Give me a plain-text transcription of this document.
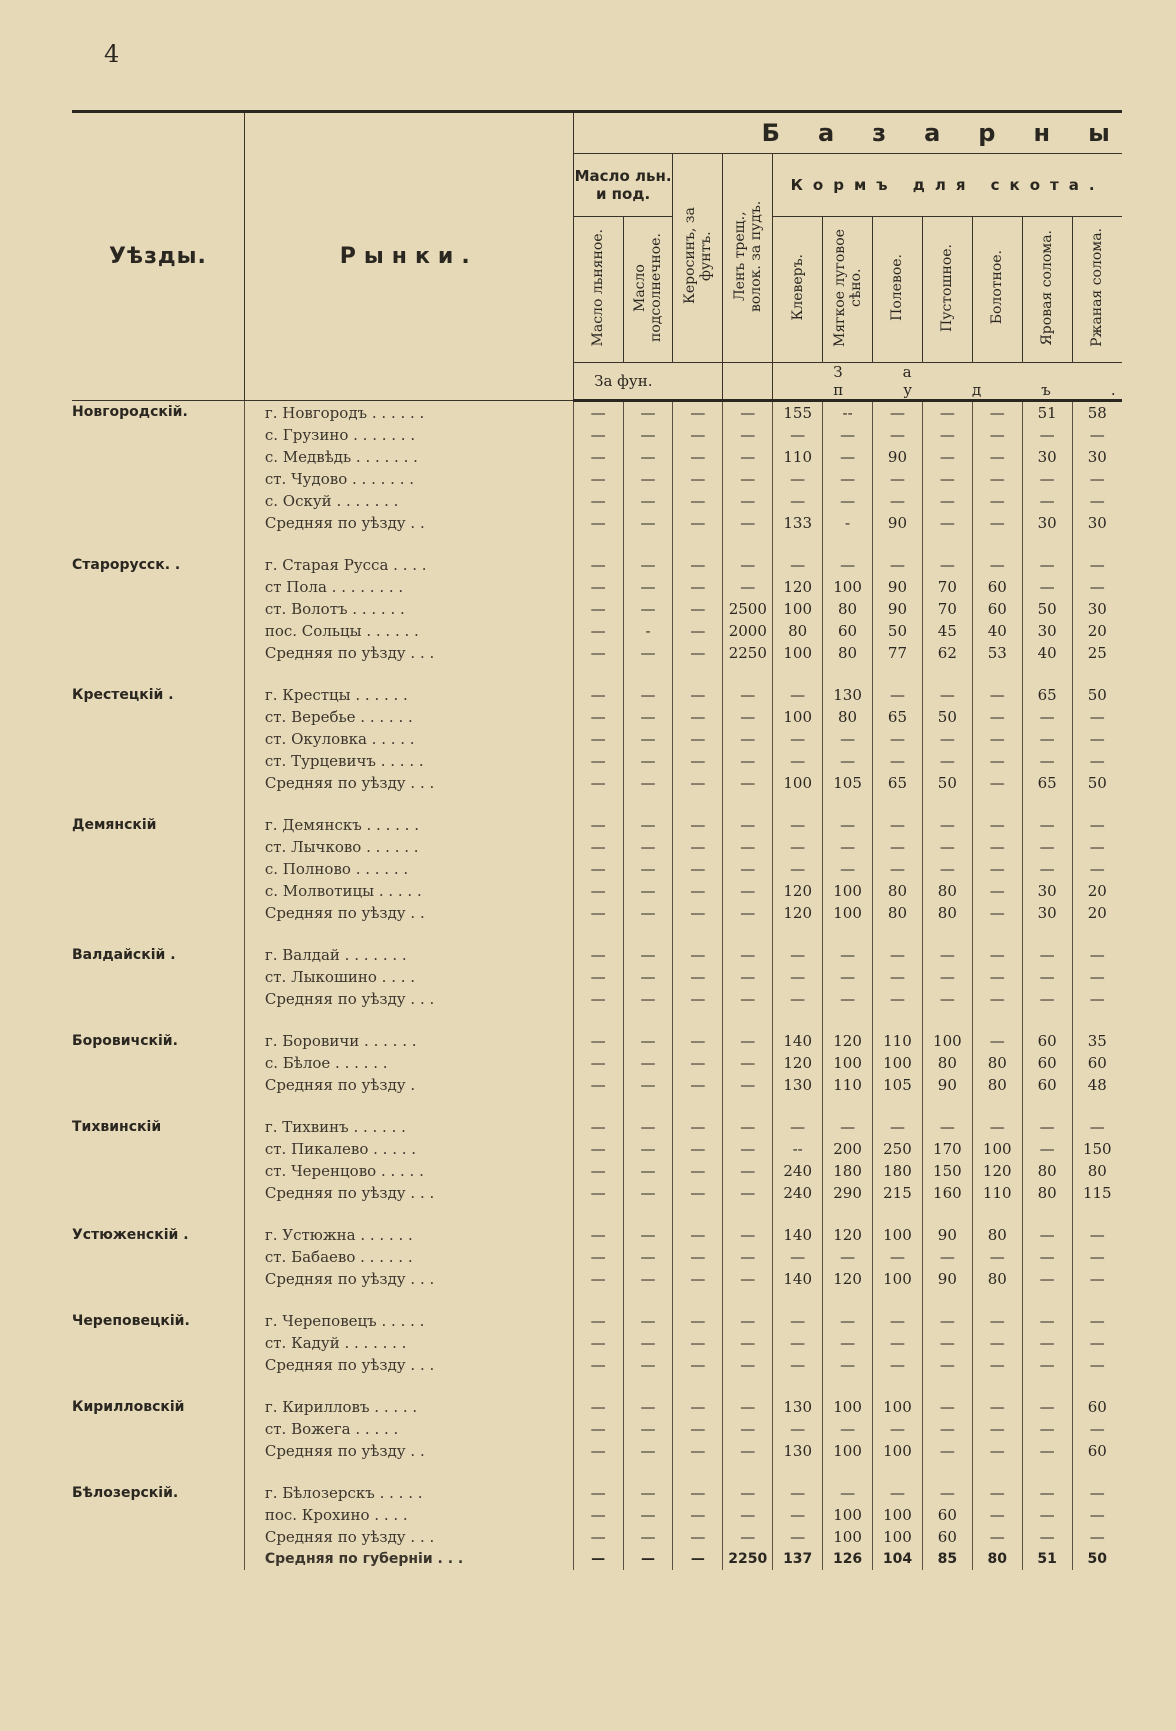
4
Уѣзды.	Рынки.	Базарны										
		Масло льн. и под.		Керосинъ, за фунтъ.	Ленъ трещ., волок. за пудъ.	Кормъ для скота.						
		Масло льняное.	Масло подсолнечное.			Клеверъ.	Мягкое луговое сѣно.	Полевое.	Пустошное.	Болотное.	Яровая солома.	Ржаная солома.
		За фун.				За пудъ.						
Новгородскій.	г. Новгородъ . . . . . .	—	—	—	—	155	--	—	—	—	51	58
	с. Грузино . . . . . . .	—	—	—	—	—	—	—	—	—	—	—
	с. Медвѣдь . . . . . . .	—	—	—	—	110	—	90	—	—	30	30
	ст. Чудово . . . . . . .	—	—	—	—	—	—	—	—	—	—	—
	с. Оскуй . . . . . . .	—	—	—	—	—	—	—	—	—	—	—
	Средняя по уѣзду . .	—	—	—	—	133	-	90	—	—	30	30

Старорусск. .	г. Старая Русса . . . .	—	—	—	—	—	—	—	—	—	—	—
	ст Пола . . . . . . . .	—	—	—	—	120	100	90	70	60	—	—
	ст. Волотъ . . . . . .	—	—	—	2500	100	80	90	70	60	50	30
	пос. Сольцы . . . . . .	—	-	—	2000	80	60	50	45	40	30	20
	Средняя по уѣзду . . .	—	—	—	2250	100	80	77	62	53	40	25

Крестецкій .	г. Крестцы . . . . . .	—	—	—	—	—	130	—	—	—	65	50
	ст. Веребье . . . . . .	—	—	—	—	100	80	65	50	—	—	—
	ст. Окуловка . . . . .	—	—	—	—	—	—	—	—	—	—	—
	ст. Турцевичъ . . . . .	—	—	—	—	—	—	—	—	—	—	—
	Средняя по уѣзду . . .	—	—	—	—	100	105	65	50	—	65	50

Демянскій	г. Демянскъ . . . . . .	—	—	—	—	—	—	—	—	—	—	—
	ст. Лычково . . . . . .	—	—	—	—	—	—	—	—	—	—	—
	с. Полново . . . . . .	—	—	—	—	—	—	—	—	—	—	—
	с. Молвотицы . . . . .	—	—	—	—	120	100	80	80	—	30	20
	Средняя по уѣзду . .	—	—	—	—	120	100	80	80	—	30	20

Валдайскій .	г. Валдай . . . . . . .	—	—	—	—	—	—	—	—	—	—	—
	ст. Лыкошино . . . .	—	—	—	—	—	—	—	—	—	—	—
	Средняя по уѣзду . . .	—	—	—	—	—	—	—	—	—	—	—

Боровичскій.	г. Боровичи . . . . . .	—	—	—	—	140	120	110	100	—	60	35
	с. Бѣлое . . . . . .	—	—	—	—	120	100	100	80	80	60	60
	Средняя по уѣзду .	—	—	—	—	130	110	105	90	80	60	48

Тихвинскій	г. Тихвинъ . . . . . .	—	—	—	—	—	—	—	—	—	—	—
	ст. Пикалево . . . . .	—	—	—	—	--	200	250	170	100	—	150
	ст. Черенцово . . . . .	—	—	—	—	240	180	180	150	120	80	80
	Средняя по уѣзду . . .	—	—	—	—	240	290	215	160	110	80	115

Устюженскій .	г. Устюжна . . . . . .	—	—	—	—	140	120	100	90	80	—	—
	ст. Бабаево . . . . . .	—	—	—	—	—	—	—	—	—	—	—
	Средняя по уѣзду . . .	—	—	—	—	140	120	100	90	80	—	—

Череповецкій.	г. Череповецъ . . . . .	—	—	—	—	—	—	—	—	—	—	—
	ст. Кадуй . . . . . . .	—	—	—	—	—	—	—	—	—	—	—
	Средняя по уѣзду . . .	—	—	—	—	—	—	—	—	—	—	—

Кирилловскій	г. Кирилловъ . . . . .	—	—	—	—	130	100	100	—	—	—	60
	ст. Вожега . . . . .	—	—	—	—	—	—	—	—	—	—	—
	Средняя по уѣзду . .	—	—	—	—	130	100	100	—	—	—	60

Бѣлозерскій.	г. Бѣлозерскъ . . . . .	—	—	—	—	—	—	—	—	—	—	—
	пос. Крохино . . . .	—	—	—	—	—	100	100	60	—	—	—
	Средняя по уѣзду . . .	—	—	—	—	—	100	100	60	—	—	—
	Средняя по губерніи . . .	—	—	—	2250	137	126	104	85	80	51	50
